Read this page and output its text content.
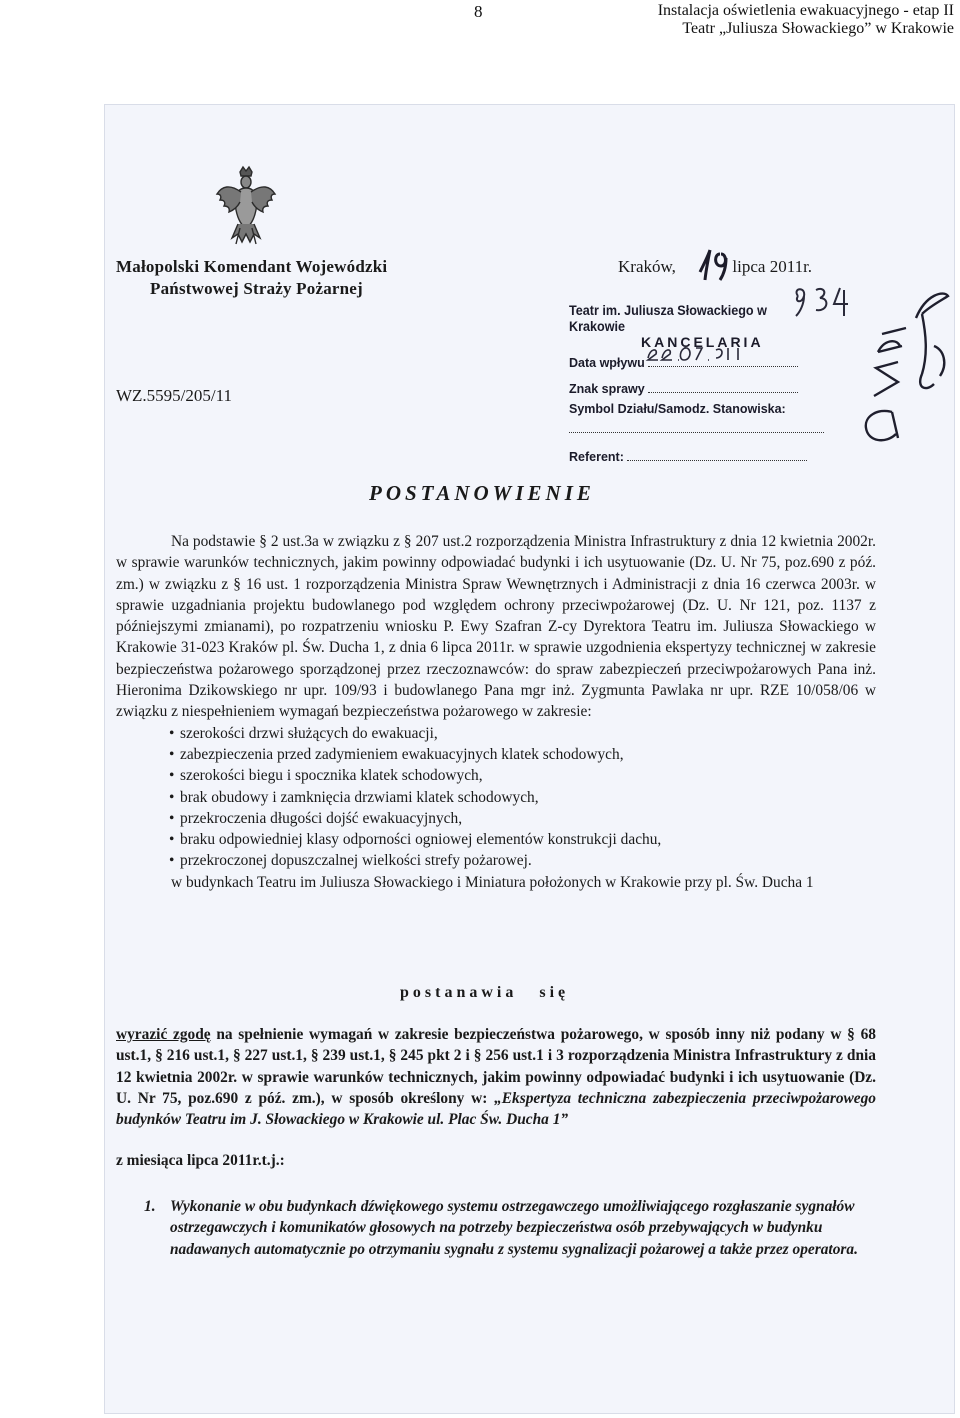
8	Instalacja oświetlenia ewakuacyjnego - etap II
Teatr „Juliusza Słowackiego” w Krakowie
Małopolski Komendant Wojewódzki
Państwowej Straży Pożarnej
Kraków,	lipca 2011r.
WZ.5595/205/11
Teatr im. Juliusza Słowackiego w Krakowie
KANCELARIA
Data wpływu
Znak sprawy
Symbol Działu/Samodz. Stanowiska:
Referent:
POSTANOWIENIE

Na podstawie § 2 ust.3a w związku z § 207 ust.2 rozporządzenia Ministra Infrastruktury z dnia 12 kwietnia 2002r. w sprawie warunków technicznych, jakim powinny odpowiadać budynki i ich usytuowanie (Dz. U. Nr 75, poz.690 z póź. zm.) w związku z § 16 ust. 1 rozporządzenia Ministra Spraw Wewnętrznych i Administracji z dnia 16 czerwca 2003r. w sprawie uzgadniania projektu budowlanego pod względem ochrony przeciwpożarowej (Dz. U. Nr 121, poz. 1137 z późniejszymi zmianami), po rozpatrzeniu wniosku P. Ewy Szafran Z-cy Dyrektora Teatru im. Juliusza Słowackiego w Krakowie 31-023 Kraków pl. Św. Ducha 1, z dnia 6 lipca 2011r. w sprawie uzgodnienia ekspertyzy technicznej w zakresie bezpieczeństwa pożarowego sporządzonej przez rzeczoznawców: do spraw zabezpieczeń przeciwpożarowych Pana inż. Hieronima Dzikowskiego nr upr. 109/93 i budowlanego Pana mgr inż. Zygmunta Pawlaka nr upr. RZE 10/058/06 w związku z niespełnieniem wymagań bezpieczeństwa pożarowego w zakresie:

• szerokości drzwi służących do ewakuacji,
• zabezpieczenia przed zadymieniem ewakuacyjnych klatek schodowych,
• szerokości biegu i spocznika klatek schodowych,
• brak obudowy i zamknięcia drzwiami klatek schodowych,
• przekroczenia długości dojść ewakuacyjnych,
• braku odpowiedniej klasy odporności ogniowej elementów konstrukcji dachu,
• przekroczonej dopuszczalnej wielkości strefy pożarowej.

w budynkach Teatru im Juliusza Słowackiego i Miniatura położonych w Krakowie przy pl. Św. Ducha 1

postanawia się
wyrazić zgodę na spełnienie wymagań w zakresie bezpieczeństwa pożarowego, w sposób inny niż podany w § 68 ust.1, § 216 ust.1, § 227 ust.1, § 239 ust.1, § 245 pkt 2 i § 256 ust.1 i 3 rozporządzenia Ministra Infrastruktury z dnia 12 kwietnia 2002r. w sprawie warunków technicznych, jakim powinny odpowiadać budynki i ich usytuowanie (Dz. U. Nr 75, poz.690 z póź. zm.), w sposób określony w: „Ekspertyza techniczna zabezpieczenia przeciwpożarowego budynków Teatru im J. Słowackiego w Krakowie ul. Plac Św. Ducha 1”
z miesiąca lipca 2011r.t.j.:
1. Wykonanie w obu budynkach dźwiękowego systemu ostrzegawczego umożliwiającego rozgłaszanie sygnałów ostrzegawczych i komunikatów głosowych na potrzeby bezpieczeństwa osób przebywających w budynku nadawanych automatycznie po otrzymaniu sygnału z systemu sygnalizacji pożarowej a także przez operatora.
